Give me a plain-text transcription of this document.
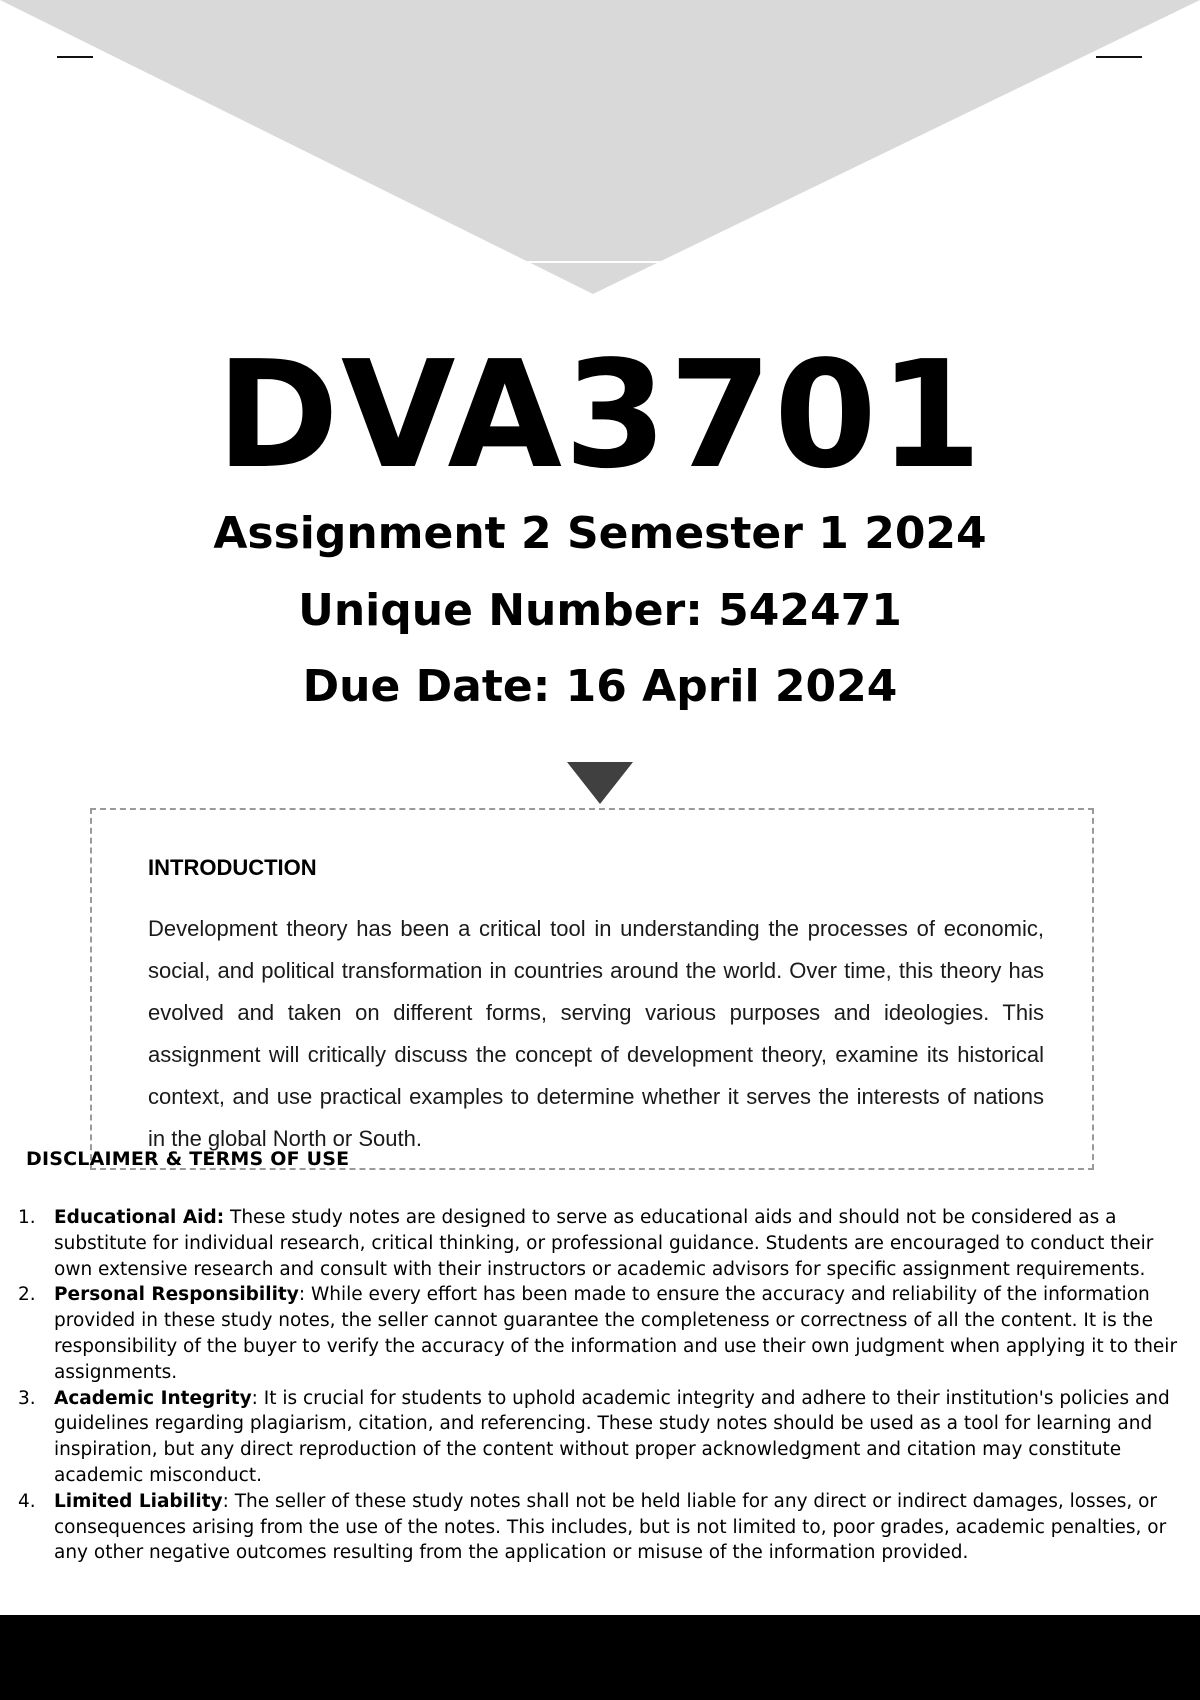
DVA3701
Assignment 2 Semester 1 2024
Unique Number: 542471
Due Date: 16 April 2024
INTRODUCTION
Development theory has been a critical tool in understanding the processes of economic, social, and political transformation in countries around the world. Over time, this theory has evolved and taken on different forms, serving various purposes and ideologies. This assignment will critically discuss the concept of development theory, examine its historical context, and use practical examples to determine whether it serves the interests of nations in the global North or South.
DISCLAIMER & TERMS OF USE
1. Educational Aid: These study notes are designed to serve as educational aids and should not be considered as a substitute for individual research, critical thinking, or professional guidance. Students are encouraged to conduct their own extensive research and consult with their instructors or academic advisors for specific assignment requirements.
2. Personal Responsibility: While every effort has been made to ensure the accuracy and reliability of the information provided in these study notes, the seller cannot guarantee the completeness or correctness of all the content. It is the responsibility of the buyer to verify the accuracy of the information and use their own judgment when applying it to their assignments.
3. Academic Integrity: It is crucial for students to uphold academic integrity and adhere to their institution's policies and guidelines regarding plagiarism, citation, and referencing. These study notes should be used as a tool for learning and inspiration, but any direct reproduction of the content without proper acknowledgment and citation may constitute academic misconduct.
4. Limited Liability: The seller of these study notes shall not be held liable for any direct or indirect damages, losses, or consequences arising from the use of the notes. This includes, but is not limited to, poor grades, academic penalties, or any other negative outcomes resulting from the application or misuse of the information provided.
